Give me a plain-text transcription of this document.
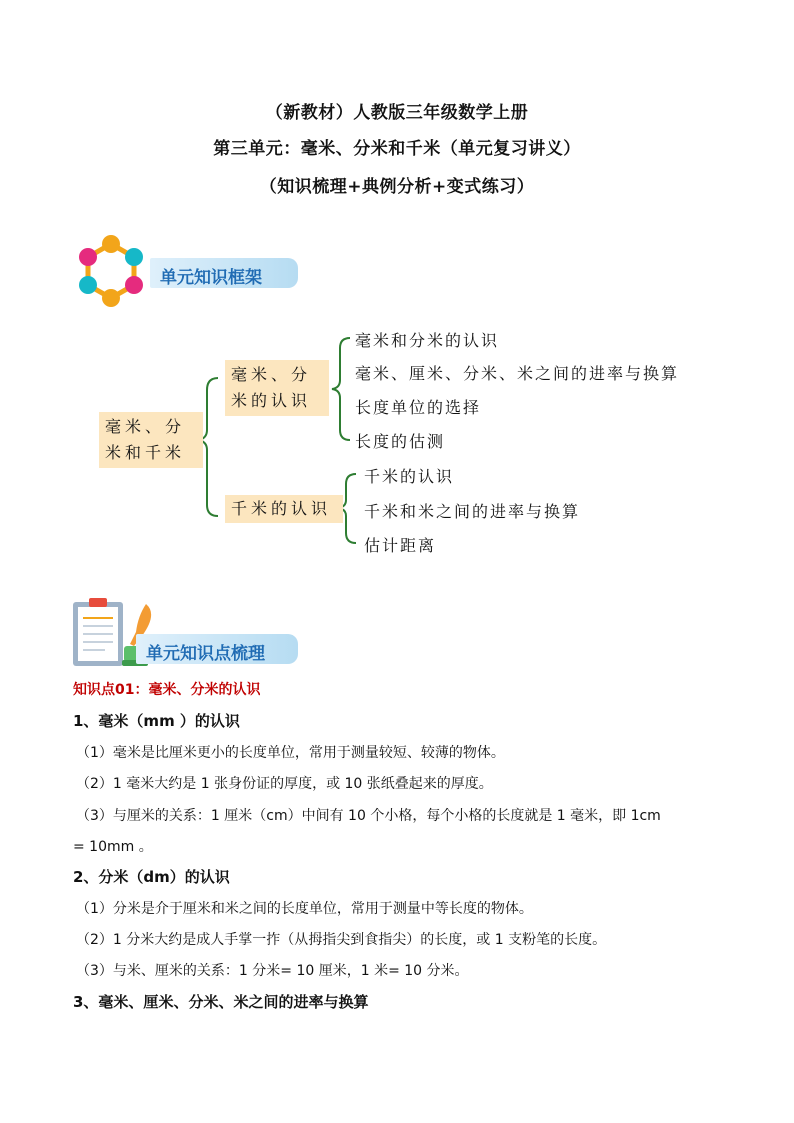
（新教材）人教版三年级数学上册
第三单元：毫米、分米和千米（单元复习讲义）
（知识梳理+典例分析+变式练习）
单元知识框架
毫米、分米和千米
毫米、分米的认识
千米的认识
毫米和分米的认识
毫米、厘米、分米、米之间的进率与换算
长度单位的选择
长度的估测
千米的认识
千米和米之间的进率与换算
估计距离
单元知识点梳理
知识点01：毫米、分米的认识
1、毫米（mm ）的认识
（1）毫米是比厘米更小的长度单位，常用于测量较短、较薄的物体。
（2）1 毫米大约是 1 张身份证的厚度，或 10 张纸叠起来的厚度。
（3）与厘米的关系：1 厘米（cm）中间有 10 个小格，每个小格的长度就是 1 毫米，即 1cm
= 10mm 。
2、分米（dm）的认识
（1）分米是介于厘米和米之间的长度单位，常用于测量中等长度的物体。
（2）1 分米大约是成人手掌一拃（从拇指尖到食指尖）的长度，或 1 支粉笔的长度。
（3）与米、厘米的关系：1 分米= 10 厘米，1 米= 10 分米。
3、毫米、厘米、分米、米之间的进率与换算
